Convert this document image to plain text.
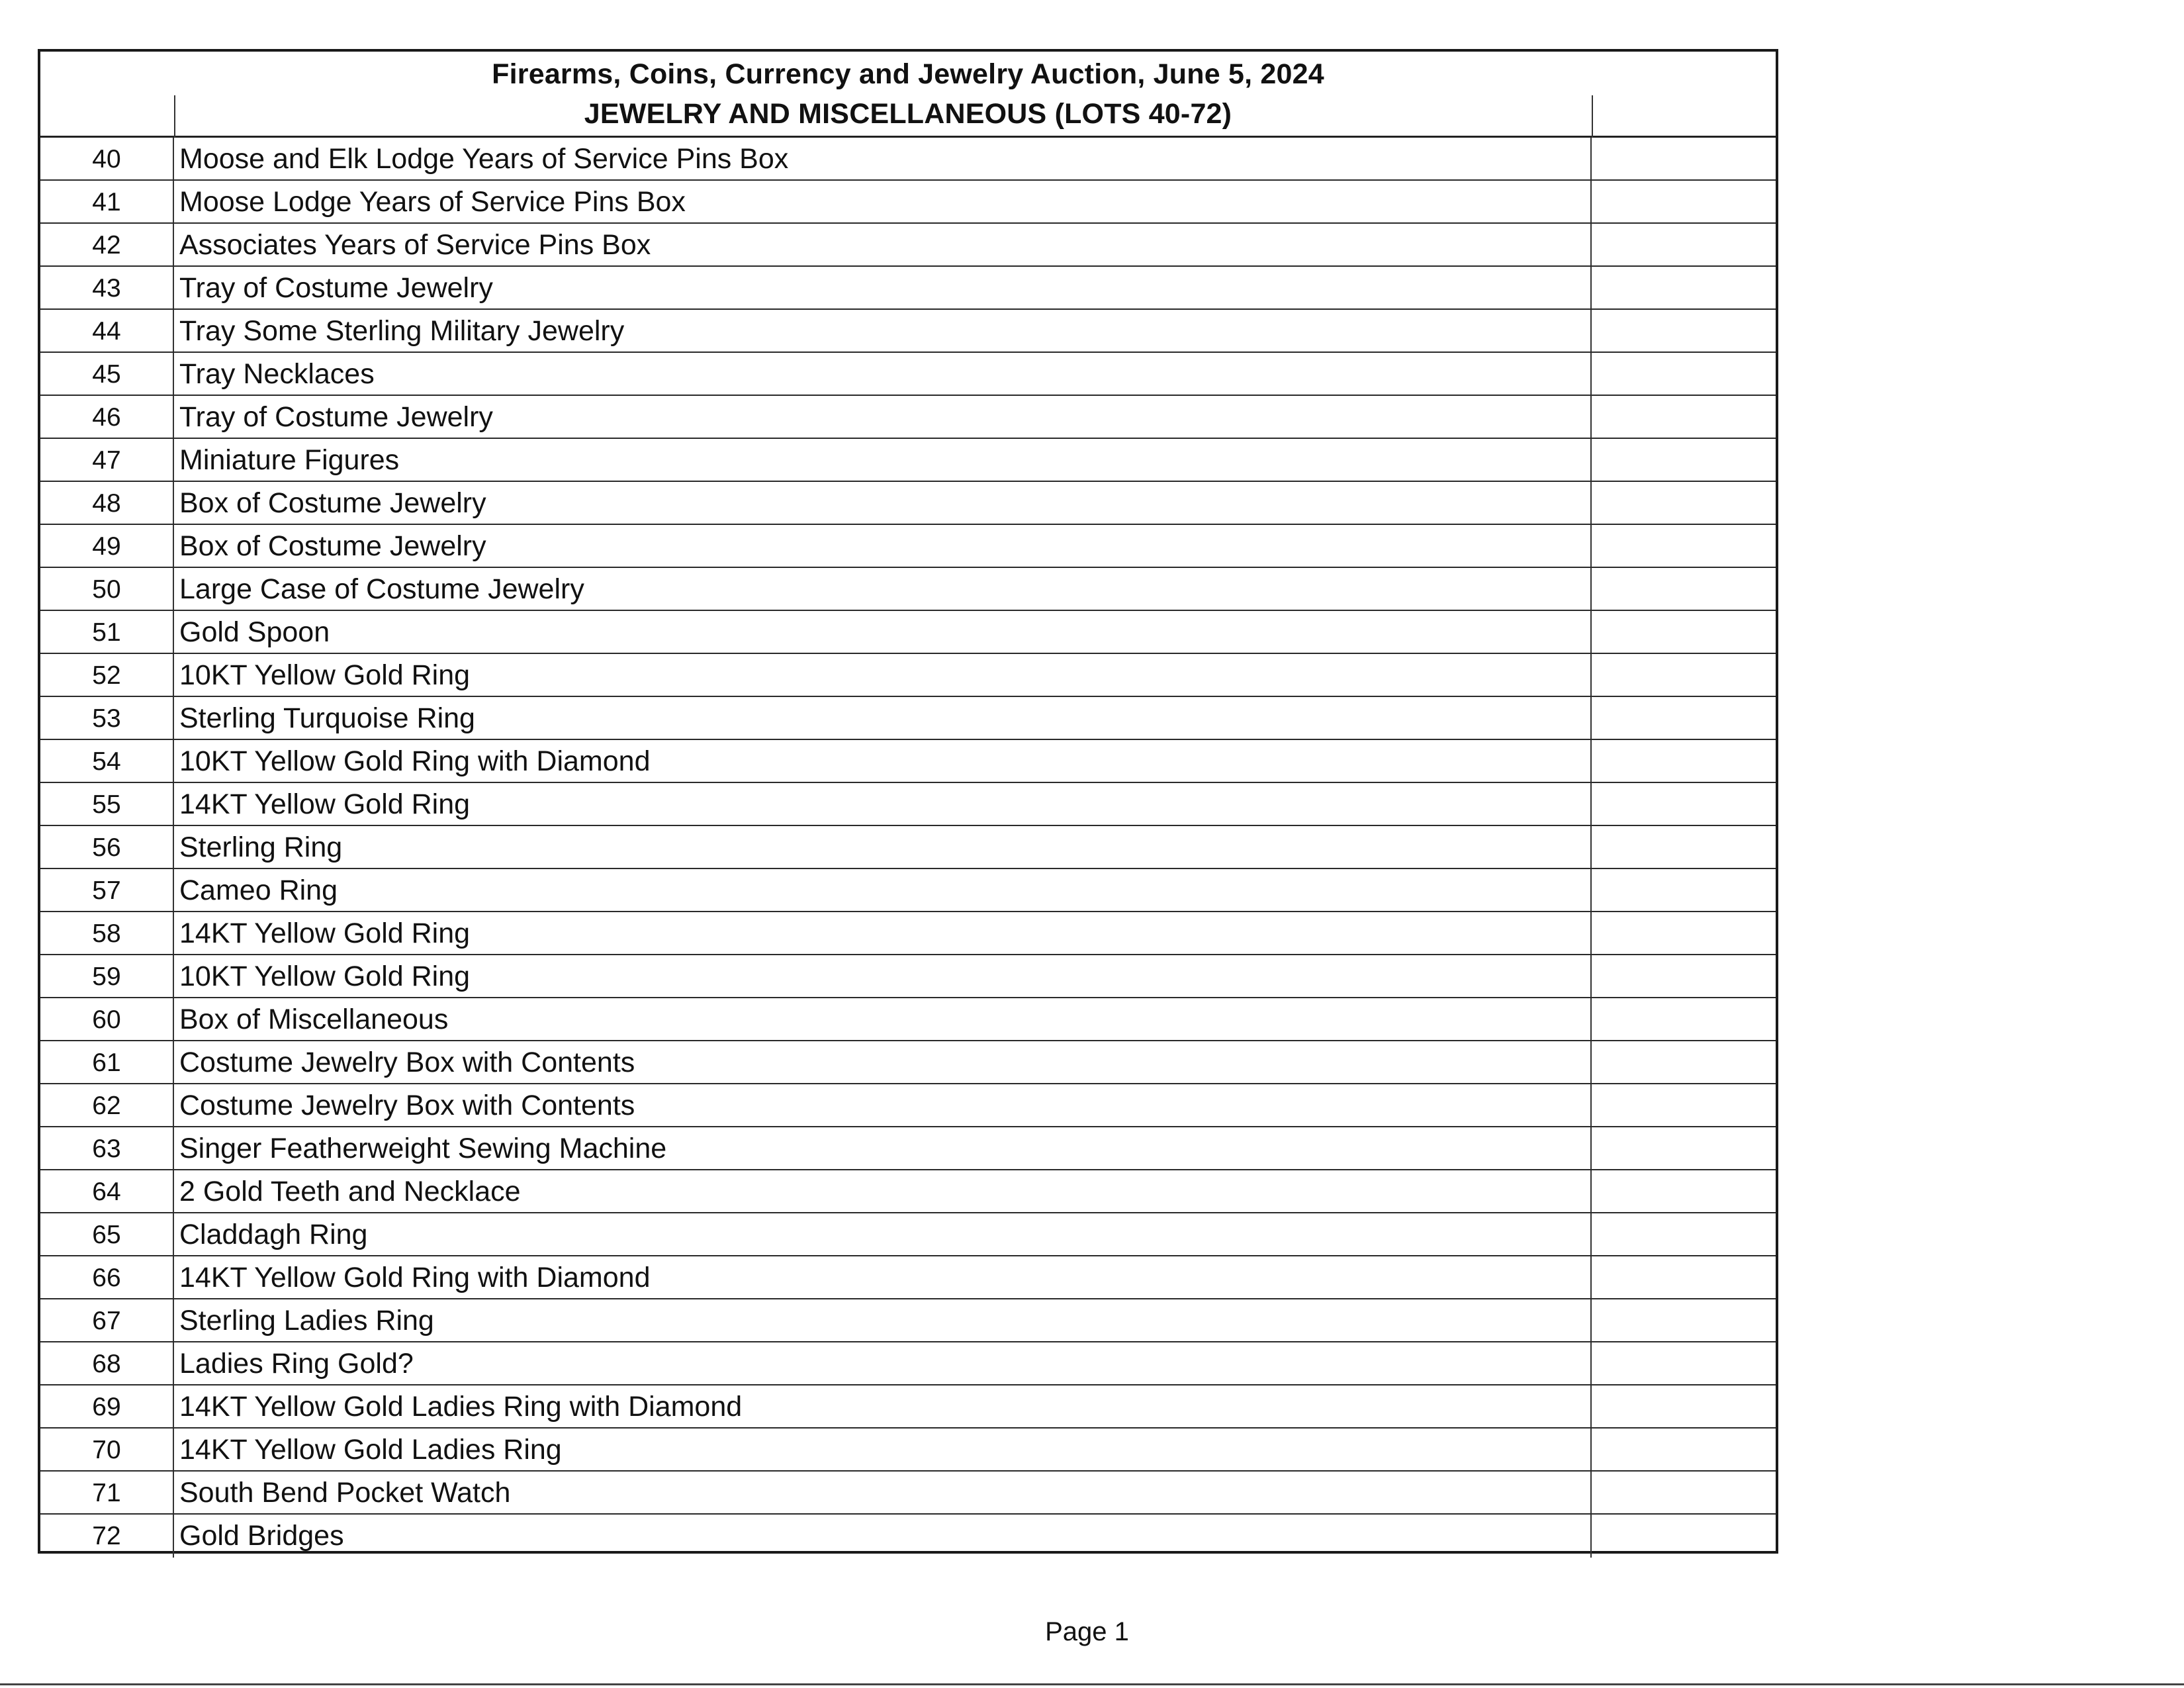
Firearms, Coins, Currency and Jewelry Auction, June 5, 2024
JEWELRY AND MISCELLANEOUS (LOTS 40-72)
40	Moose and Elk Lodge Years of Service Pins Box
41	Moose Lodge Years of Service Pins Box
42	Associates Years of Service Pins Box
43	Tray of Costume Jewelry
44	Tray Some Sterling Military Jewelry
45	Tray Necklaces
46	Tray of Costume Jewelry
47	Miniature Figures
48	Box of Costume Jewelry
49	Box of Costume Jewelry
50	Large Case of Costume Jewelry
51	Gold Spoon
52	10KT Yellow Gold Ring
53	Sterling Turquoise Ring
54	10KT Yellow Gold Ring with Diamond
55	14KT Yellow Gold Ring
56	Sterling Ring
57	Cameo Ring
58	14KT Yellow Gold Ring
59	10KT Yellow Gold Ring
60	Box of Miscellaneous
61	Costume Jewelry Box with Contents
62	Costume Jewelry Box with Contents
63	Singer Featherweight Sewing Machine
64	2 Gold Teeth and Necklace
65	Claddagh Ring
66	14KT Yellow Gold Ring with Diamond
67	Sterling Ladies Ring
68	Ladies Ring Gold?
69	14KT Yellow Gold Ladies Ring with Diamond
70	14KT Yellow Gold Ladies Ring
71	South Bend Pocket Watch
72	Gold Bridges
Page 1
